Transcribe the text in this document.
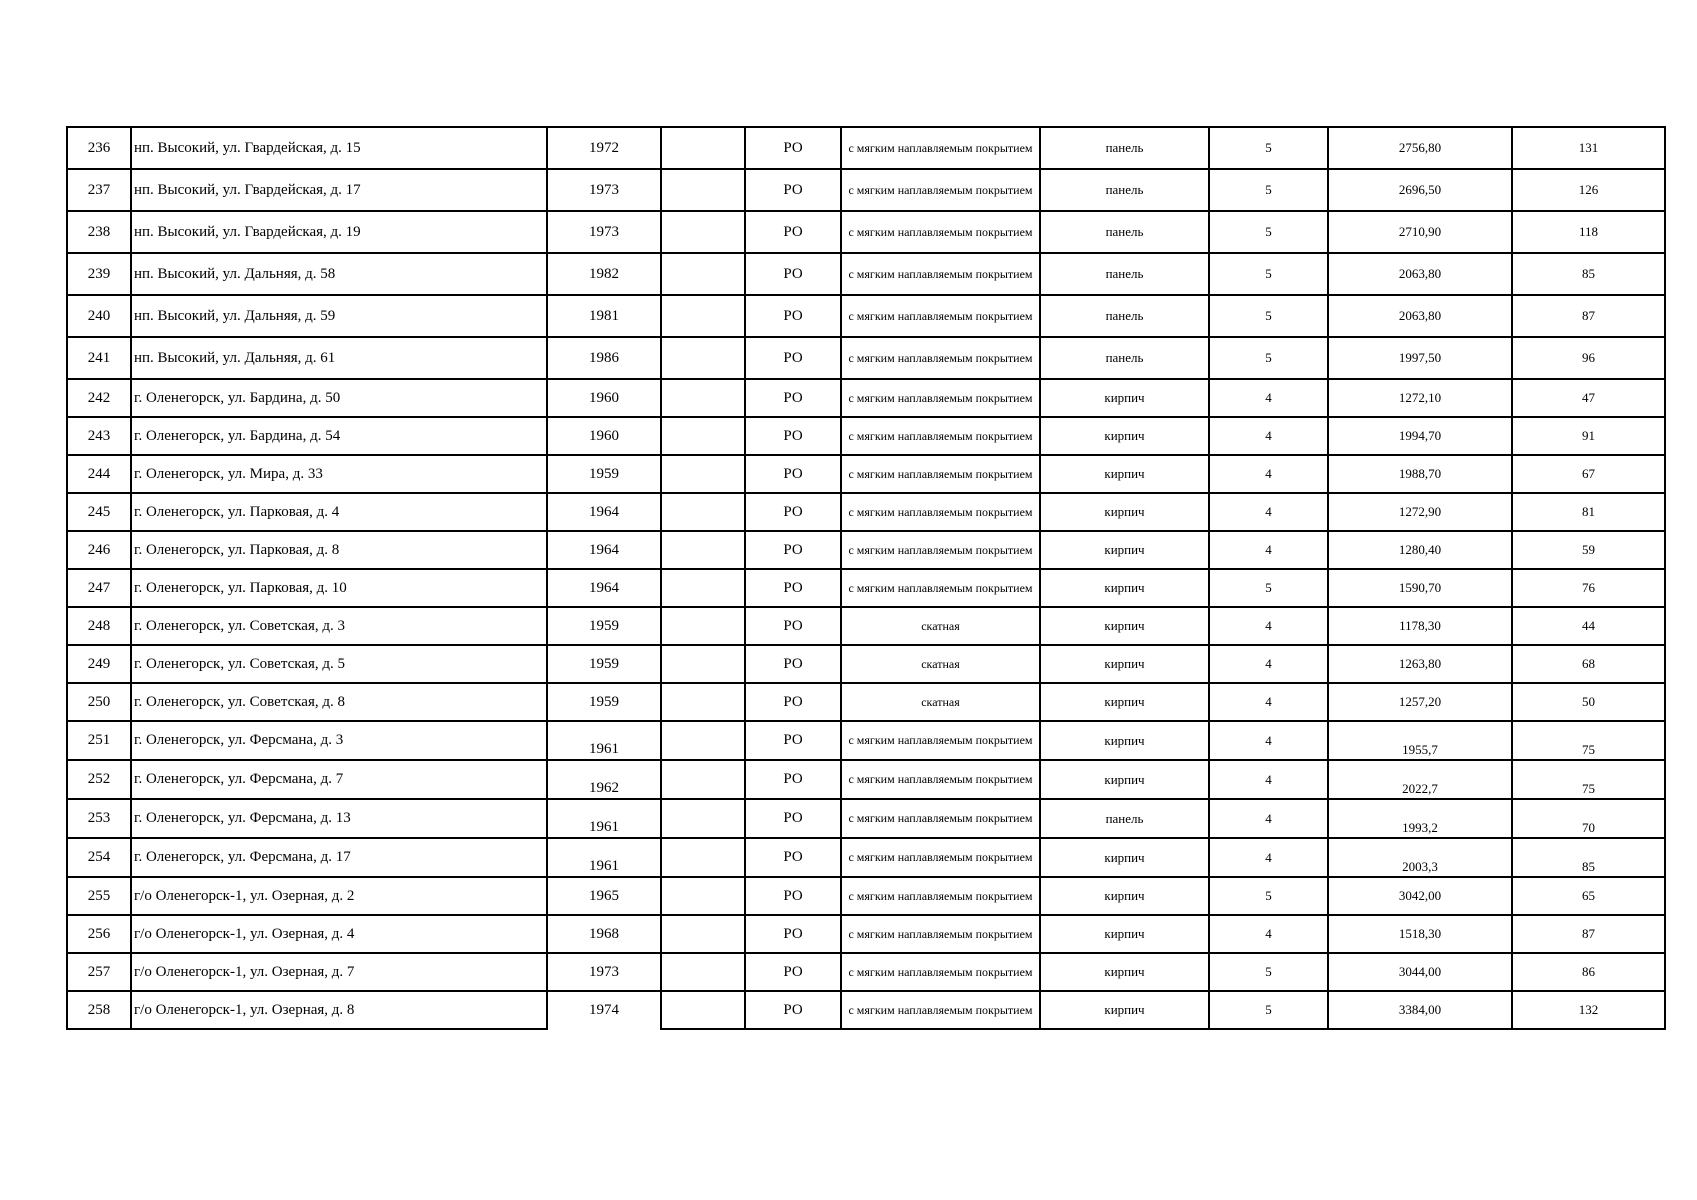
236	нп. Высокий, ул. Гвардейская, д. 15	1972		РО	с мягким наплавляемым покрытием	панель	5	2756,80	131
237	нп. Высокий, ул. Гвардейская, д. 17	1973		РО	с мягким наплавляемым покрытием	панель	5	2696,50	126
238	нп. Высокий, ул. Гвардейская, д. 19	1973		РО	с мягким наплавляемым покрытием	панель	5	2710,90	118
239	нп. Высокий, ул. Дальняя, д. 58	1982		РО	с мягким наплавляемым покрытием	панель	5	2063,80	85
240	нп. Высокий, ул. Дальняя, д. 59	1981		РО	с мягким наплавляемым покрытием	панель	5	2063,80	87
241	нп. Высокий, ул. Дальняя, д. 61	1986		РО	с мягким наплавляемым покрытием	панель	5	1997,50	96
242	г. Оленегорск, ул. Бардина, д. 50	1960		РО	с мягким наплавляемым покрытием	кирпич	4	1272,10	47
243	г. Оленегорск, ул. Бардина, д. 54	1960		РО	с мягким наплавляемым покрытием	кирпич	4	1994,70	91
244	г. Оленегорск, ул. Мира, д. 33	1959		РО	с мягким наплавляемым покрытием	кирпич	4	1988,70	67
245	г. Оленегорск, ул. Парковая, д. 4	1964		РО	с мягким наплавляемым покрытием	кирпич	4	1272,90	81
246	г. Оленегорск, ул. Парковая, д. 8	1964		РО	с мягким наплавляемым покрытием	кирпич	4	1280,40	59
247	г. Оленегорск, ул. Парковая, д. 10	1964		РО	с мягким наплавляемым покрытием	кирпич	5	1590,70	76
248	г. Оленегорск, ул. Советская, д. 3	1959		РО	скатная	кирпич	4	1178,30	44
249	г. Оленегорск, ул. Советская, д. 5	1959		РО	скатная	кирпич	4	1263,80	68
250	г. Оленегорск, ул. Советская, д. 8	1959		РО	скатная	кирпич	4	1257,20	50
251	г. Оленегорск, ул. Ферсмана, д. 3	1961		РО	с мягким наплавляемым покрытием	кирпич	4	1955,7	75
252	г. Оленегорск, ул. Ферсмана, д. 7	1962		РО	с мягким наплавляемым покрытием	кирпич	4	2022,7	75
253	г. Оленегорск, ул. Ферсмана, д. 13	1961		РО	с мягким наплавляемым покрытием	панель	4	1993,2	70
254	г. Оленегорск, ул. Ферсмана, д. 17	1961		РО	с мягким наплавляемым покрытием	кирпич	4	2003,3	85
255	г/о Оленегорск-1, ул. Озерная, д. 2	1965		РО	с мягким наплавляемым покрытием	кирпич	5	3042,00	65
256	г/о Оленегорск-1, ул. Озерная, д. 4	1968		РО	с мягким наплавляемым покрытием	кирпич	4	1518,30	87
257	г/о Оленегорск-1, ул. Озерная, д. 7	1973		РО	с мягким наплавляемым покрытием	кирпич	5	3044,00	86
258	г/о Оленегорск-1, ул. Озерная, д. 8	1974		РО	с мягким наплавляемым покрытием	кирпич	5	3384,00	132
